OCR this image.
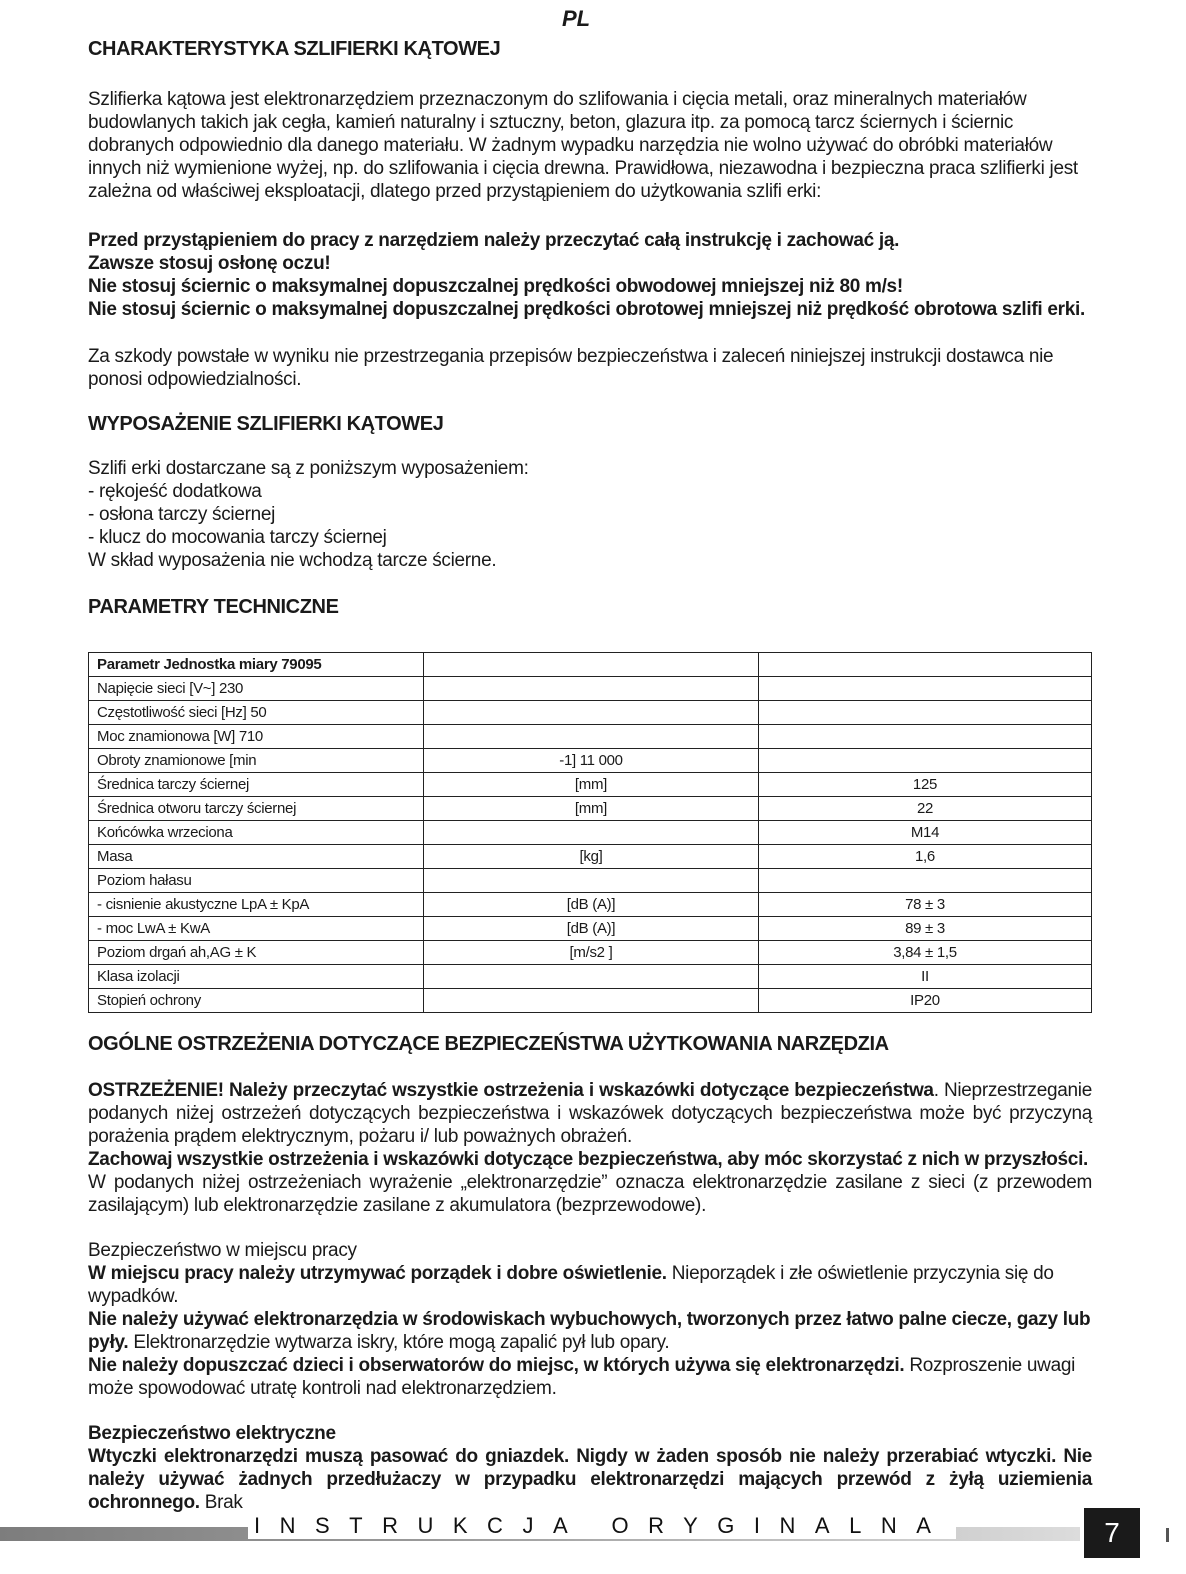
PL
CHARAKTERYSTYKA SZLIFIERKI KĄTOWEJ

Szlifierka kątowa jest elektronarzędziem przeznaczonym do szlifowania i cięcia metali, oraz mineralnych materiałów budowlanych takich jak cegła, kamień naturalny i sztuczny, beton, glazura itp. za pomocą tarcz ściernych i ściernic dobranych odpowiednio dla danego materiału. W żadnym wypadku narzędzia nie wolno używać do obróbki materiałów innych niż wymienione wyżej, np. do szlifowania i cięcia drewna. Prawidłowa, niezawodna i bezpieczna praca szlifierki jest zależna od właściwej eksploatacji, dlatego przed przystąpieniem do użytkowania szlifi erki:

Przed przystąpieniem do pracy z narzędziem należy przeczytać całą instrukcję i zachować ją.

Zawsze stosuj osłonę oczu!

Nie stosuj ściernic o maksymalnej dopuszczalnej prędkości obwodowej mniejszej niż 80 m/s!

Nie stosuj ściernic o maksymalnej dopuszczalnej prędkości obrotowej mniejszej niż prędkość obrotowa szlifi erki.

Za szkody powstałe w wyniku nie przestrzegania przepisów bezpieczeństwa i zaleceń niniejszej instrukcji dostawca nie ponosi odpowiedzialności.

WYPOSAŻENIE SZLIFIERKI KĄTOWEJ

Szlifi erki dostarczane są z poniższym wyposażeniem:

- rękojeść dodatkowa

- osłona tarczy ściernej

- klucz do mocowania tarczy ściernej

W skład wyposażenia nie wchodzą tarcze ścierne.

PARAMETRY TECHNICZNE
Parametr Jednostka miary 79095		
Napięcie sieci [V~] 230		
Częstotliwość sieci [Hz] 50		
Moc znamionowa [W] 710		
Obroty znamionowe [min	-1] 11 000	
Średnica tarczy ściernej	[mm]	125
Średnica otworu tarczy ściernej	[mm]	22
Końcówka wrzeciona		M14
Masa	[kg]	1,6
Poziom hałasu		
- cisnienie akustyczne LpA ± KpA	[dB (A)]	78 ± 3
- moc LwA ± KwA	[dB (A)]	89 ± 3
Poziom drgań ah,AG ± K	[m/s2 ]	3,84 ± 1,5
Klasa izolacji		II
Stopień ochrony		IP20
OGÓLNE OSTRZEŻENIA DOTYCZĄCE BEZPIECZEŃSTWA UŻYTKOWANIA NARZĘDZIA

OSTRZEŻENIE! Należy przeczytać wszystkie ostrzeżenia i wskazówki dotyczące bezpieczeństwa. Nieprzestrzeganie podanych niżej ostrzeżeń dotyczących bezpieczeństwa i wskazówek dotyczących bezpieczeństwa może być przyczyną porażenia prądem elektrycznym, pożaru i/ lub poważnych obrażeń.

Zachowaj wszystkie ostrzeżenia i wskazówki dotyczące bezpieczeństwa, aby móc skorzystać z nich w przyszłości.

W podanych niżej ostrzeżeniach wyrażenie „elektronarzędzie” oznacza elektronarzędzie zasilane z sieci (z przewodem zasilającym) lub elektronarzędzie zasilane z akumulatora (bezprzewodowe).

Bezpieczeństwo w miejscu pracy

W miejscu pracy należy utrzymywać porządek i dobre oświetlenie. Nieporządek i złe oświetlenie przyczynia się do wypadków.

Nie należy używać elektronarzędzia w środowiskach wybuchowych, tworzonych przez łatwo palne ciecze, gazy lub pyły. Elektronarzędzie wytwarza iskry, które mogą zapalić pył lub opary.

Nie należy dopuszczać dzieci i obserwatorów do miejsc, w których używa się elektronarzędzi. Rozproszenie uwagi może spowodować utratę kontroli nad elektronarzędziem.

Bezpieczeństwo elektryczne

Wtyczki elektronarzędzi muszą pasować do gniazdek. Nigdy w żaden sposób nie należy przerabiać wtyczki. Nie należy używać żadnych przedłużaczy w przypadku elektronarzędzi mających przewód z żyłą uziemienia ochronnego. Brak

INSTRUKCJA ORYGINALNA	7
